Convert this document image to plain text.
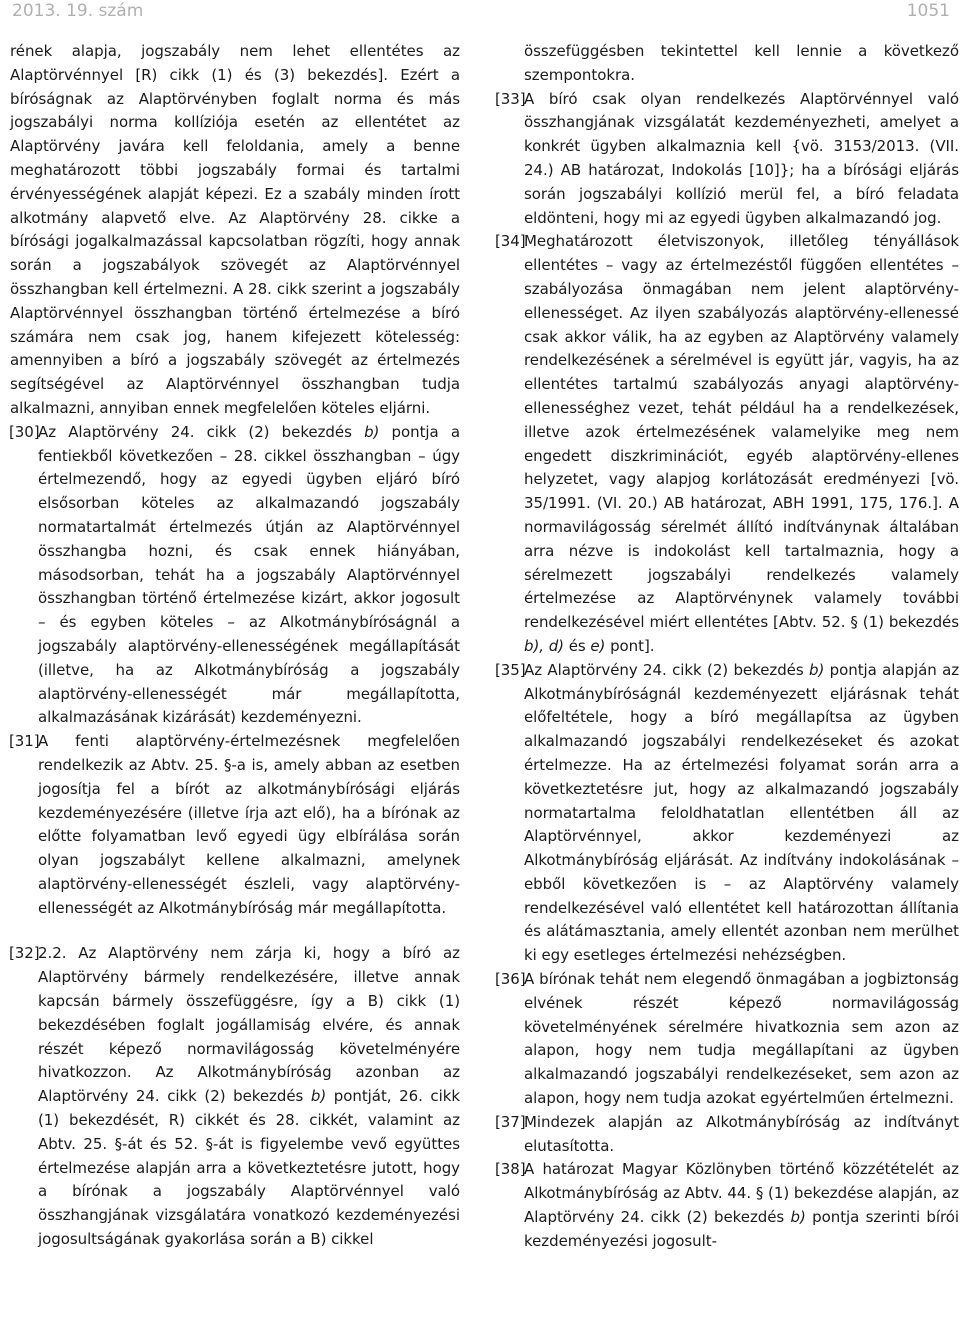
2013. 19. szám	1051
rének alapja, jogszabály nem lehet ellentétes az Alaptörvénnyel [R) cikk (1) és (3) bekezdés]. Ezért a bíróságnak az Alaptörvényben foglalt norma és más jogszabályi norma kollíziója esetén az ellentétet az Alaptörvény javára kell feloldania, amely a benne meghatározott többi jogszabály formai és tartalmi érvényességének alapját képezi. Ez a szabály minden írott alkotmány alapvető elve. Az Alaptörvény 28. cikke a bírósági jogalkalmazással kapcsolatban rögzíti, hogy annak során a jogszabályok szövegét az Alaptörvénnyel összhangban kell értelmezni. A 28. cikk szerint a jogszabály Alaptörvénnyel összhangban történő értelmezése a bíró számára nem csak jog, hanem kifejezett kötelesség: amennyiben a bíró a jogszabály szövegét az értelmezés segítségével az Alaptörvénnyel összhangban tudja alkalmazni, annyiban ennek megfelelően köteles eljárni.
[30]
Az Alaptörvény 24. cikk (2) bekezdés b) pontja a fentiekből következően – 28. cikkel összhangban – úgy értelmezendő, hogy az egyedi ügyben eljáró bíró elsősorban köteles az alkalmazandó jogszabály normatartalmát értelmezés útján az Alaptörvénnyel összhangba hozni, és csak ennek hiányában, másodsorban, tehát ha a jogszabály Alaptörvénnyel összhangban történő értelmezése kizárt, akkor jogosult – és egyben köteles – az Alkotmánybíróságnál a jogszabály alaptörvény-ellenességének megállapítását (illetve, ha az Alkotmánybíróság a jogszabály alaptörvény-ellenességét már megállapította, alkalmazásának kizárását) kezdeményezni.
[31]
A fenti alaptörvény-értelmezésnek megfelelően rendelkezik az Abtv. 25. §-a is, amely abban az esetben jogosítja fel a bírót az alkotmánybírósági eljárás kezdeményezésére (illetve írja azt elő), ha a bírónak az előtte folyamatban levő egyedi ügy elbírálása során olyan jogszabályt kellene alkalmazni, amelynek alaptörvény-ellenességét észleli, vagy alaptörvény-ellenességét az Alkotmánybíróság már megállapította.
[32]
2.2. Az Alaptörvény nem zárja ki, hogy a bíró az Alaptörvény bármely rendelkezésére, illetve annak kapcsán bármely összefüggésre, így a B) cikk (1) bekezdésében foglalt jogállamiság elvére, és annak részét képező normavilágosság követelményére hivatkozzon. Az Alkotmánybíróság azonban az Alaptörvény 24. cikk (2) bekezdés b) pontját, 26. cikk (1) bekezdését, R) cikkét és 28. cikkét, valamint az Abtv. 25. §-át és 52. §-át is figyelembe vevő együttes értelmezése alapján arra a következtetésre jutott, hogy a bírónak a jogszabály Alaptörvénnyel való összhangjának vizsgálatára vonatkozó kezdeményezési jogosultságának gyakorlása során a B) cikkel
összefüggésben tekintettel kell lennie a következő szempontokra.
[33]
A bíró csak olyan rendelkezés Alaptörvénnyel való összhangjának vizsgálatát kezdeményezheti, amelyet a konkrét ügyben alkalmaznia kell {vö. 3153/2013. (VII. 24.) AB határozat, Indokolás [10]}; ha a bírósági eljárás során jogszabályi kollízió merül fel, a bíró feladata eldönteni, hogy mi az egyedi ügyben alkalmazandó jog.
[34]
Meghatározott életviszonyok, illetőleg tényállások ellentétes – vagy az értelmezéstől függően ellentétes – szabályozása önmagában nem jelent alaptörvény-ellenességet. Az ilyen szabályozás alaptörvény-ellenessé csak akkor válik, ha az egyben az Alaptörvény valamely rendelkezésének a sérelmével is együtt jár, vagyis, ha az ellentétes tartalmú szabályozás anyagi alaptörvény-ellenességhez vezet, tehát például ha a rendelkezések, illetve azok értelmezésének valamelyike meg nem engedett diszkriminációt, egyéb alaptörvény-ellenes helyzetet, vagy alapjog korlátozását eredményezi [vö. 35/1991. (VI. 20.) AB határozat, ABH 1991, 175, 176.]. A normavilágosság sérelmét állító indítványnak általában arra nézve is indokolást kell tartalmaznia, hogy a sérelmezett jogszabályi rendelkezés valamely értelmezése az Alaptörvénynek valamely további rendelkezésével miért ellentétes [Abtv. 52. § (1) bekezdés b), d) és e) pont].
[35]
Az Alaptörvény 24. cikk (2) bekezdés b) pontja alapján az Alkotmánybíróságnál kezdeményezett eljárásnak tehát előfeltétele, hogy a bíró megállapítsa az ügyben alkalmazandó jogszabályi rendelkezéseket és azokat értelmezze. Ha az értelmezési folyamat során arra a következtetésre jut, hogy az alkalmazandó jogszabály normatartalma feloldhatatlan ellentétben áll az Alaptörvénnyel, akkor kezdeményezi az Alkotmánybíróság eljárását. Az indítvány indokolásának – ebből következően is – az Alaptörvény valamely rendelkezésével való ellentétet kell határozottan állítania és alátámasztania, amely ellentét azonban nem merülhet ki egy esetleges értelmezési nehézségben.
[36]
A bírónak tehát nem elegendő önmagában a jogbiztonság elvének részét képező normavilágosság követelményének sérelmére hivatkoznia sem azon az alapon, hogy nem tudja megállapítani az ügyben alkalmazandó jogszabályi rendelkezéseket, sem azon az alapon, hogy nem tudja azokat egyértelműen értelmezni.
[37]
Mindezek alapján az Alkotmánybíróság az indítványt elutasította.
[38]
A határozat Magyar Közlönyben történő közzétételét az Alkotmánybíróság az Abtv. 44. § (1) bekezdése alapján, az Alaptörvény 24. cikk (2) bekezdés b) pontja szerinti bírói kezdeményezési jogosult-
